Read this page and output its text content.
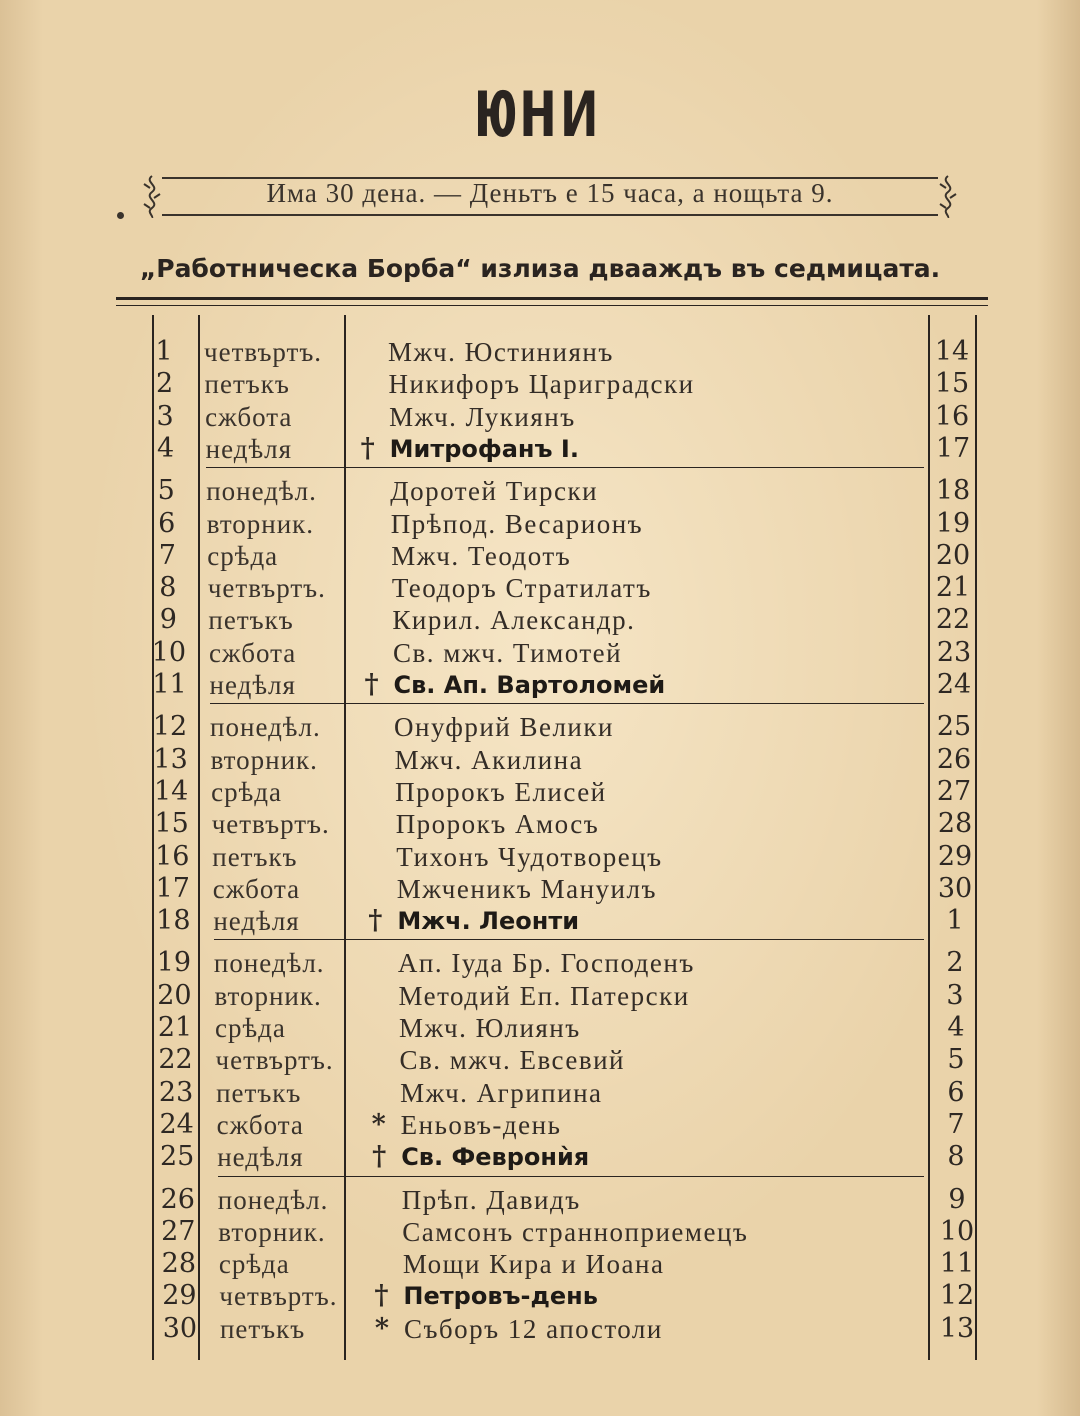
ЮНИ
Има 30 дена. — Деньтъ е 15 часа, а нощьта 9.
„Работническа Борба“ излиза двааждъ въ седмицата.
1	четвъртъ. Мжч. Юстиниянъ	14
2	петъкъ	Никифоръ Цариградски	15
3	сжбота	Мжч. Лукиянъ	16
4	недѣля	† Митрофанъ I.	17
5	понедѣл.	Доротей Тирски	18
6	вторник.	Прѣпод. Весарионъ	19
7	срѣда	Мжч. Теодотъ	20
8	четвъртъ. Теодоръ Стратилатъ	21
9	петъкъ	Кирил. Александр.	22
10 сжбота	Св. мжч. Тимотей	23
11 недѣля	† Св. Ап. Вартоломей	24
12 понедѣл.	Онуфрий Велики	25
13 вторник.	Мжч. Акилина	26
14 срѣда	Пророкъ Елисей	27
15 четвъртъ. Пророкъ Амосъ	28
16 петъкъ	Тихонъ Чудотворецъ	29
17 сжбота	Мжченикъ Мануилъ	30
18 недѣля	† Мжч. Леонти	1
19 понедѣл.	Ап. Iуда Бр. Господенъ	2
20 вторник.	Методий Еп. Патерски	3
21 срѣда	Мжч. Юлиянъ	4
22 четвъртъ. Св. мжч. Евсевий	5
23 петъкъ	Мжч. Агрипина	6
24 сжбота	* Еньовъ-день	7
25 недѣля	† Св. Февронѝя	8
26 понедѣл.	Прѣп. Давидъ	9
27 вторник.	Самсонъ странноприемецъ	10
28 срѣда	Мощи Кира и Иоана	11
29 четвъртъ. † Петровъ-день	12
30 петъкъ	* Съборъ 12 апостоли	13
